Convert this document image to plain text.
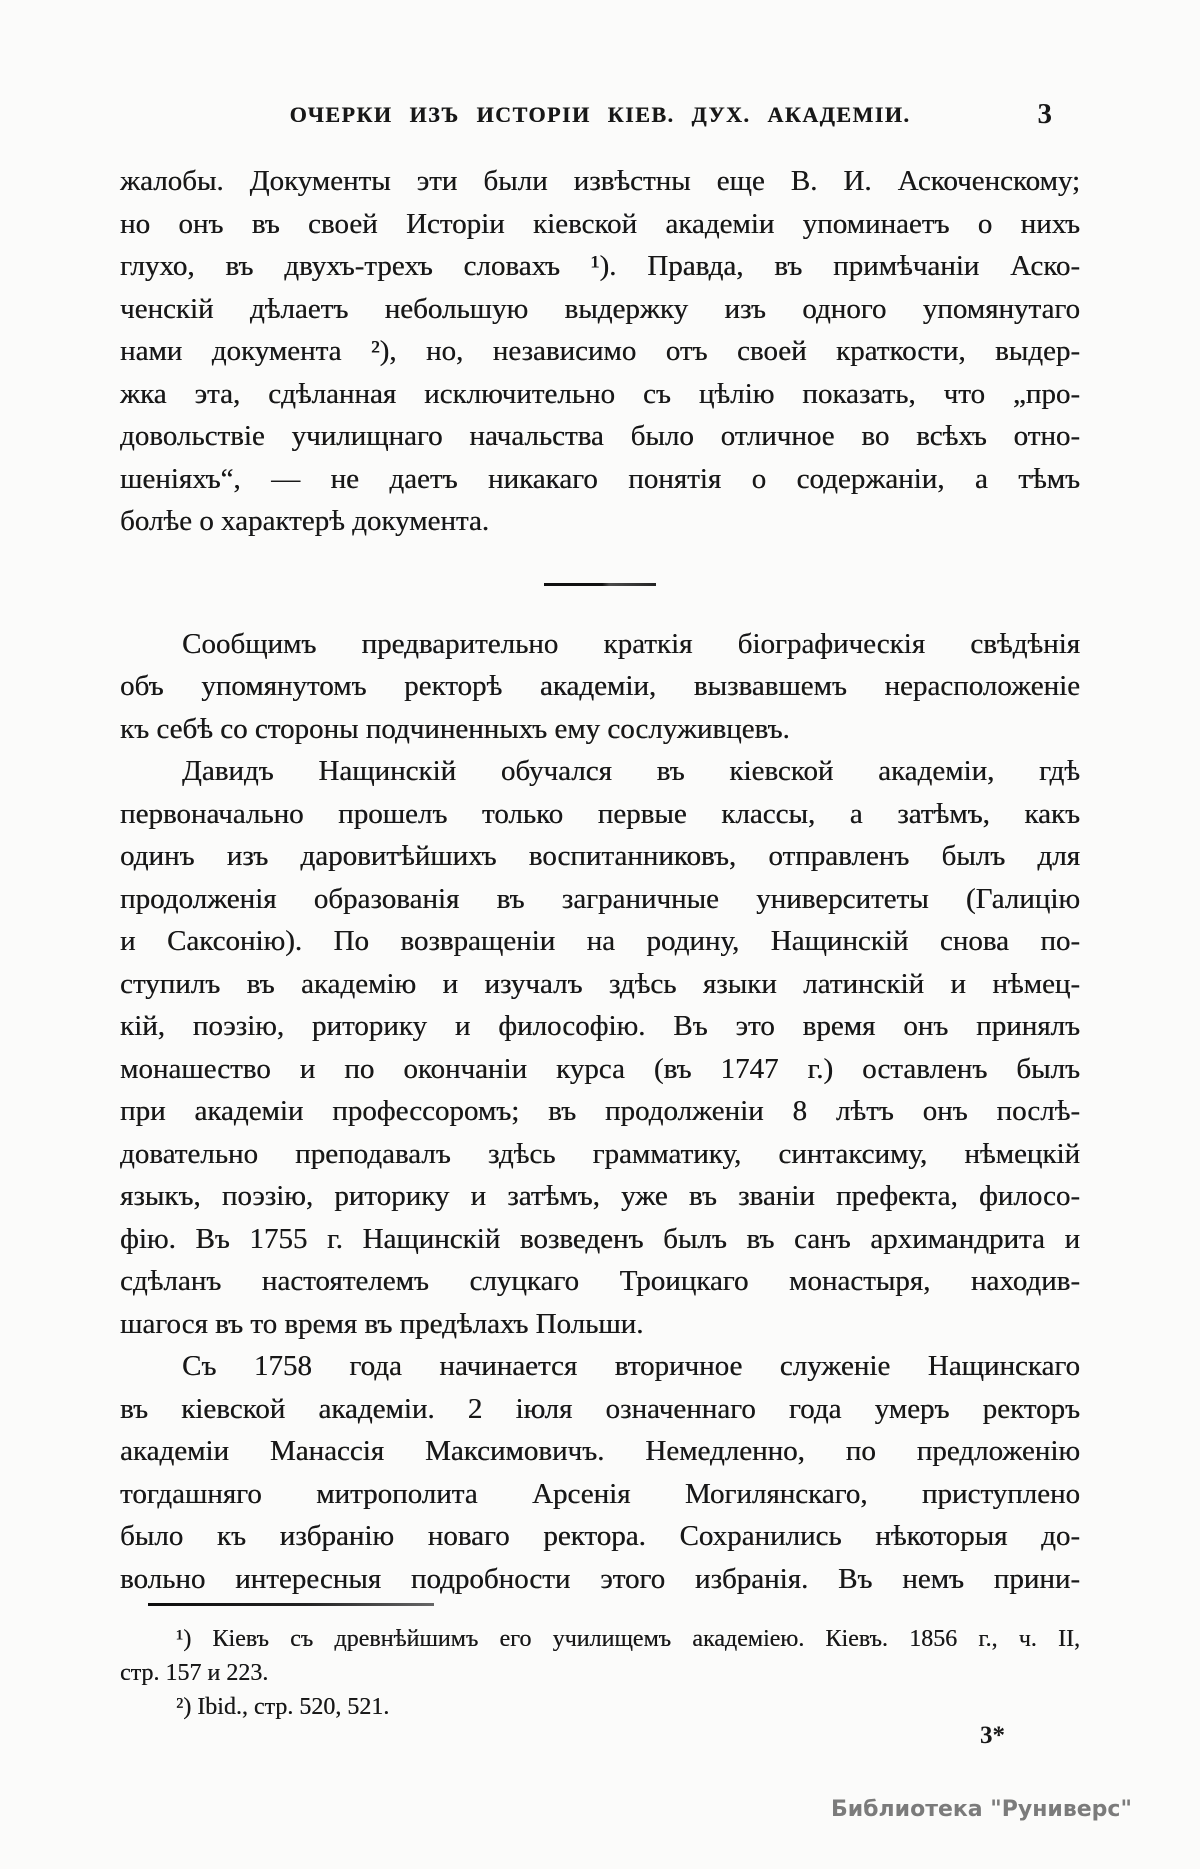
ОЧЕРКИ ИЗЪ ИСТОРІИ КІЕВ. ДУХ. АКАДЕМІИ.	3
жалобы. Документы эти были извѣстны еще В. И. Аскоченскому;
но онъ въ своей Исторіи кіевской академіи упоминаетъ о нихъ
глухо, въ двухъ-трехъ словахъ ¹). Правда, въ примѣчаніи Аско-
ченскій дѣлаетъ небольшую выдержку изъ одного упомянутаго
нами документа ²), но, независимо отъ своей краткости, выдер-
жка эта, сдѣланная исключительно съ цѣлію показать, что „про-
довольствіе училищнаго начальства было отличное во всѣхъ отно-
шеніяхъ“, — не даетъ никакаго понятія о содержаніи, а тѣмъ
болѣе о характерѣ документа.
Сообщимъ предварительно краткія біографическія свѣдѣнія
объ упомянутомъ ректорѣ академіи, вызвавшемъ нерасположеніе
къ себѣ со стороны подчиненныхъ ему сослуживцевъ.
Давидъ Нащинскій обучался въ кіевской академіи, гдѣ
первоначально прошелъ только первые классы, а затѣмъ, какъ
одинъ изъ даровитѣйшихъ воспитанниковъ, отправленъ былъ для
продолженія образованія въ заграничные университеты (Галицію
и Саксонію). По возвращеніи на родину, Нащинскій снова по-
ступилъ въ академію и изучалъ здѣсь языки латинскій и нѣмец-
кій, поэзію, риторику и философію. Въ это время онъ принялъ
монашество и по окончаніи курса (въ 1747 г.) оставленъ былъ
при академіи профессоромъ; въ продолженіи 8 лѣтъ онъ послѣ-
довательно преподавалъ здѣсь грамматику, синтаксиму, нѣмецкій
языкъ, поэзію, риторику и затѣмъ, уже въ званіи префекта, филосо-
фію. Въ 1755 г. Нащинскій возведенъ былъ въ санъ архимандрита и
сдѣланъ настоятелемъ слуцкаго Троицкаго монастыря, находив-
шагося въ то время въ предѣлахъ Польши.
Съ 1758 года начинается вторичное служеніе Нащинскаго
въ кіевской академіи. 2 іюля означеннаго года умеръ ректоръ
академіи Манассія Максимовичъ. Немедленно, по предложенію
тогдашняго митрополита Арсенія Могилянскаго, приступлено
было къ избранію новаго ректора. Сохранились нѣкоторыя до-
вольно интересныя подробности этого избранія. Въ немъ прини-
¹) Кіевъ съ древнѣйшимъ его училищемъ академіею. Кіевъ. 1856 г., ч. II,
стр. 157 и 223.
²) Ibid., стр. 520, 521.
3*
Библиотека "Руниверс"
